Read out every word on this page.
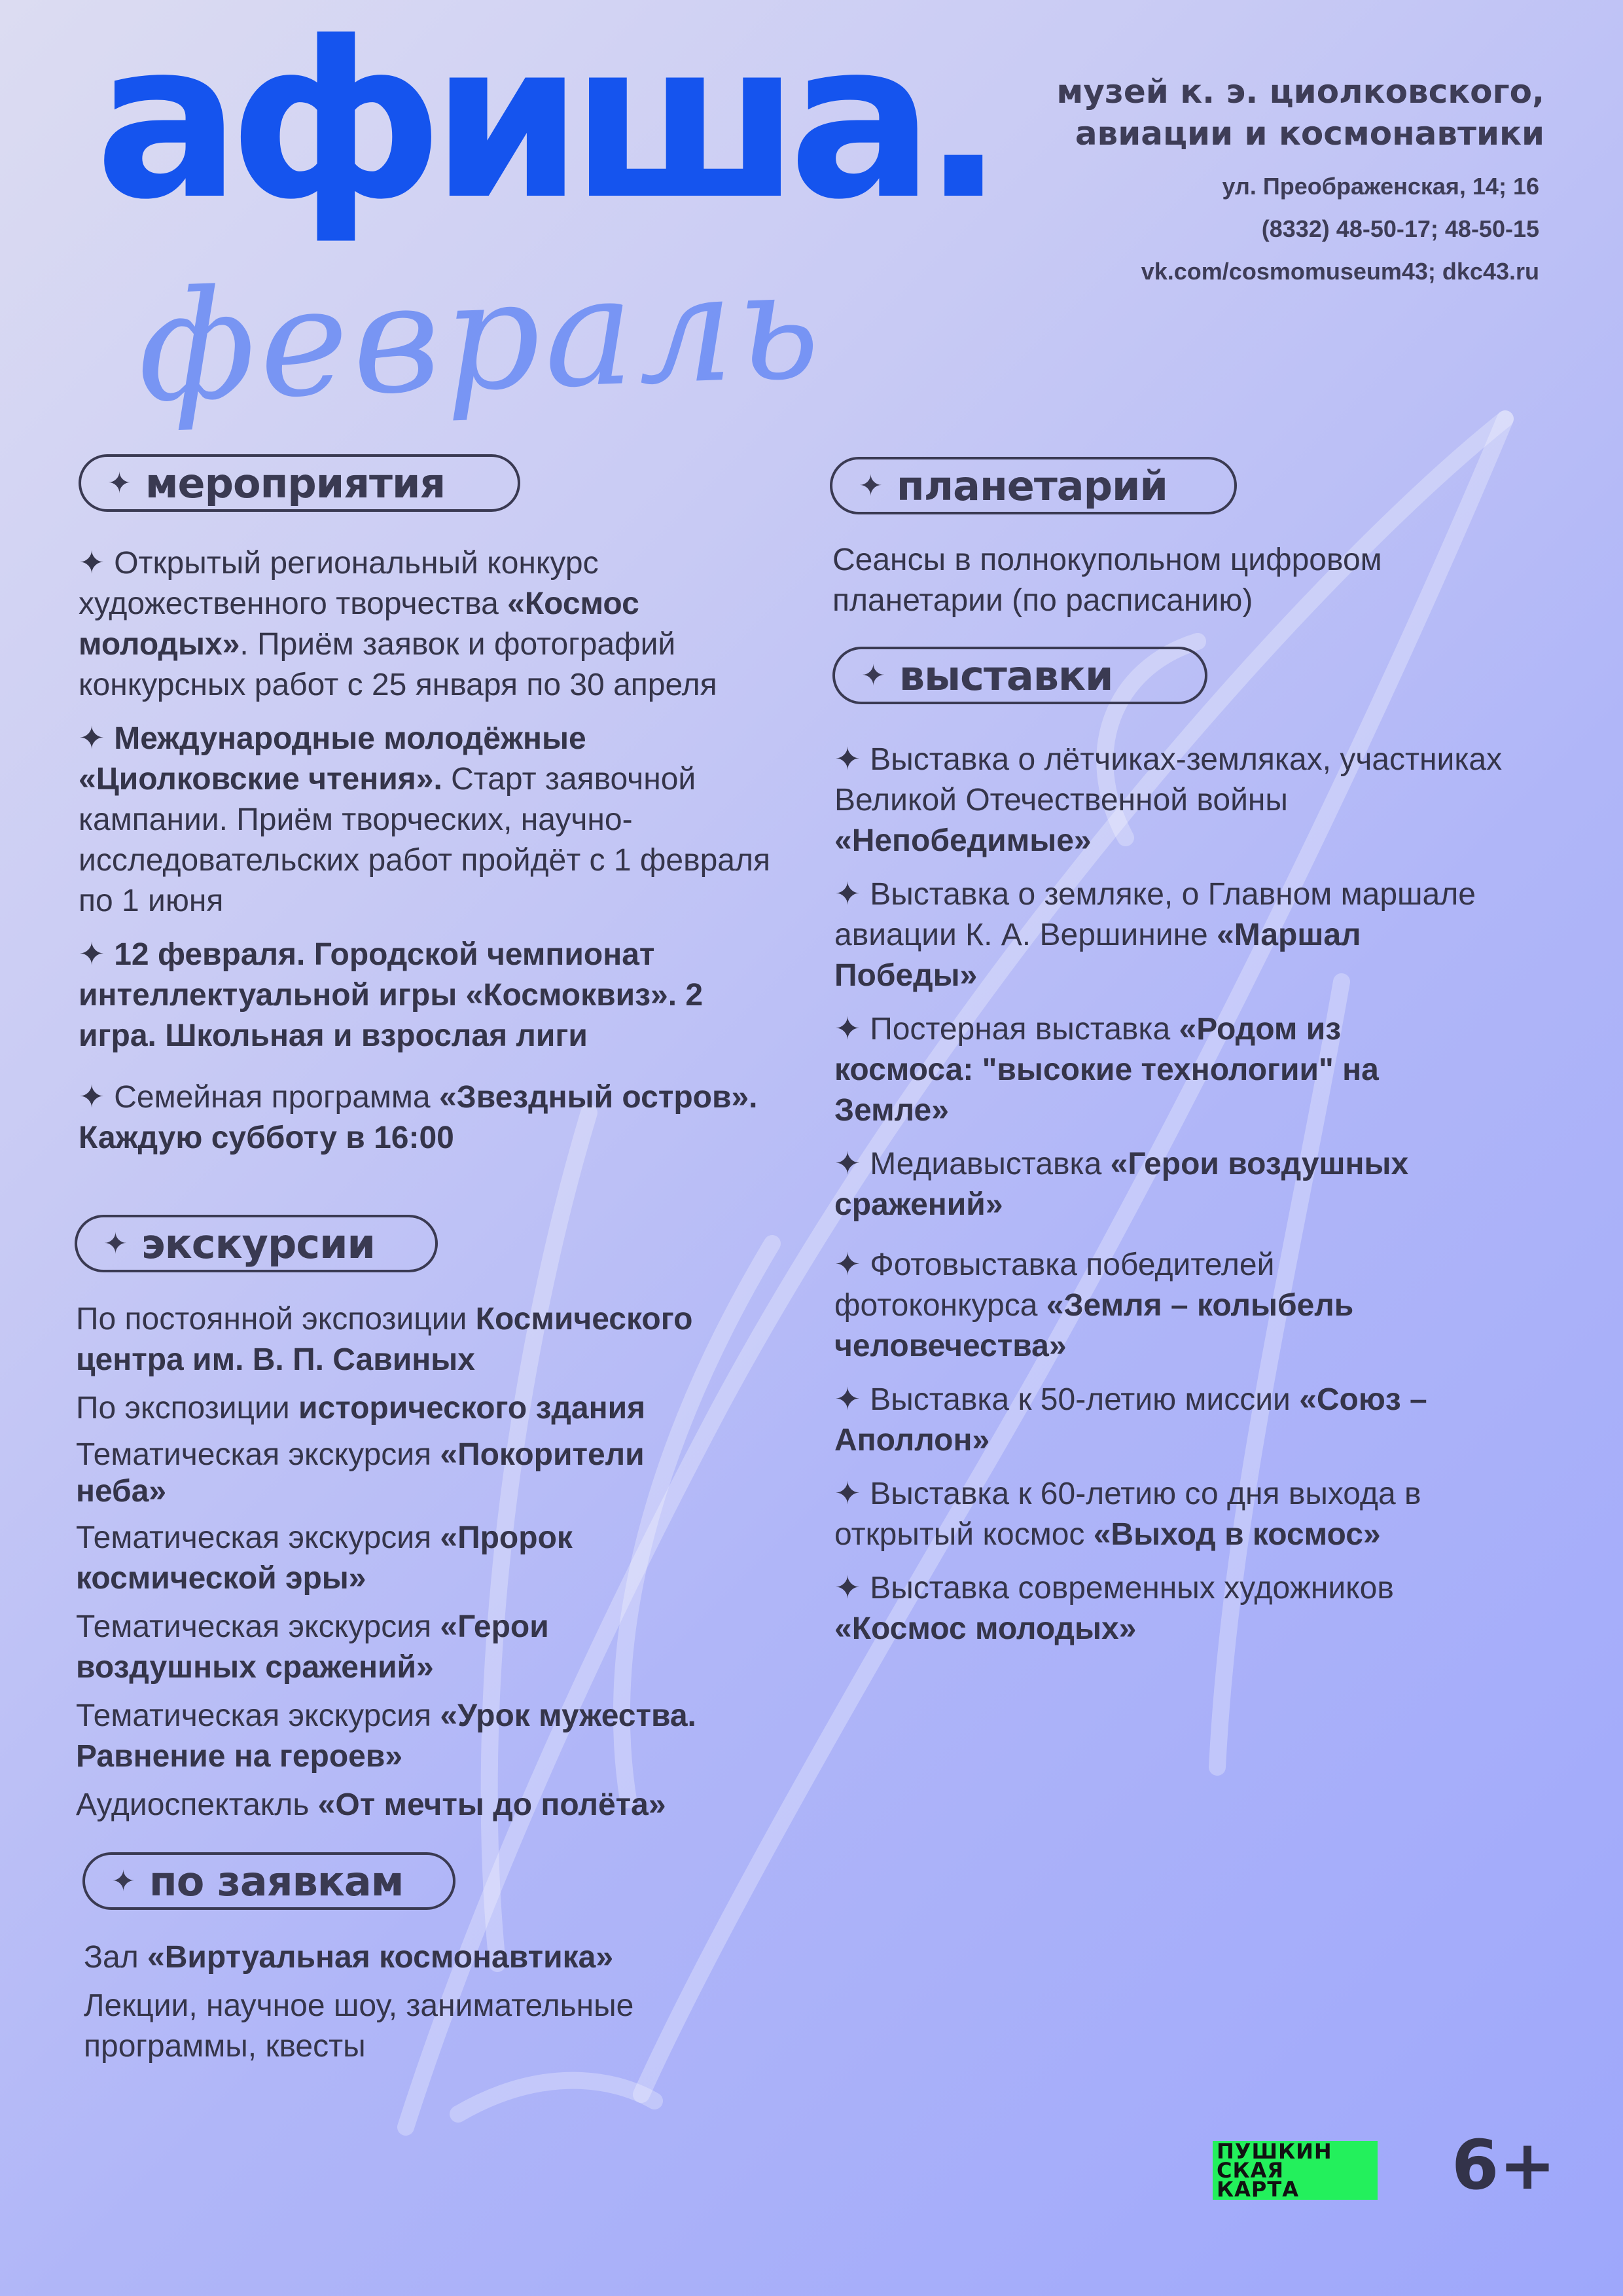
афиша.
февраль
музей к. э. циолковского,
авиации и космонавтики
ул. Преображенская, 14; 16
(8332) 48-50-17; 48-50-15
vk.com/cosmomuseum43; dkc43.ru
✦ мероприятия

✦ Открытый региональный конкурс художественного творчества «Космос молодых». Приём заявок и фотографий конкурсных работ с 25 января по 30 апреля

✦ Международные молодёжные «Циолковские чтения». Старт заявочной кампании. Приём творческих, научно-исследовательских работ пройдёт с 1 февраля по 1 июня

✦ 12 февраля. Городской чемпионат интеллектуальной игры «Космоквиз». 2 игра. Школьная и взрослая лиги

✦ Семейная программа «Звездный остров». Каждую субботу в 16:00

✦ экскурсии

По постоянной экспозиции Космического центра им. В. П. Савиных

По экспозиции исторического здания

Тематическая экскурсия «Покорители неба»

Тематическая экскурсия «Пророк космической эры»

Тематическая экскурсия «Герои воздушных сражений»

Тематическая экскурсия «Урок мужества. Равнение на героев»

Аудиоспектакль «От мечты до полёта»

✦ по заявкам

Зал «Виртуальная космонавтика»

Лекции, научное шоу, занимательные программы, квесты

✦ планетарий

Сеансы в полнокупольном цифровом планетарии (по расписанию)

✦ выставки

✦ Выставка о лётчиках-земляках, участниках Великой Отечественной войны «Непобедимые»

✦ Выставка о земляке, о Главном маршале авиации К. А. Вершинине «Маршал Победы»

✦ Постерная выставка «Родом из космоса: "высокие технологии" на Земле»

✦ Медиавыставка «Герои воздушных сражений»

✦ Фотовыставка победителей фотоконкурса «Земля – колыбель человечества»

✦ Выставка к 50-летию миссии «Союз – Аполлон»

✦ Выставка к 60-летию со дня выхода в открытый космос «Выход в космос»

✦ Выставка современных художников «Космос молодых»

ПУШКИН
СКАЯ
КАРТА	6+
